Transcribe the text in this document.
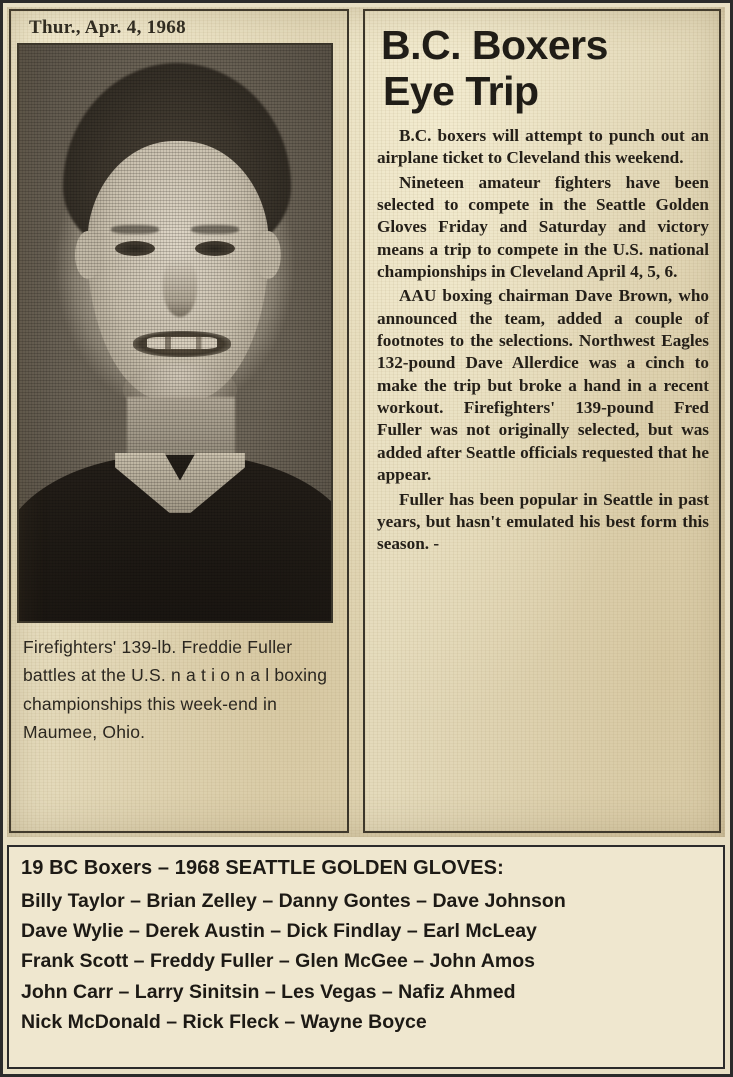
Thur., Apr. 4, 1968

Firefighters' 139-lb. Freddie Fuller battles at the U.S. n a t i o n a l boxing championships this week-end in Maumee, Ohio.

B.C. Boxers
Eye Trip

B.C. boxers will attempt to punch out an airplane ticket to Cleveland this weekend.

Nineteen amateur fighters have been selected to compete in the Seattle Golden Gloves Friday and Saturday and victory means a trip to compete in the U.S. national championships in Cleveland April 4, 5, 6.

AAU boxing chairman Dave Brown, who announced the team, added a couple of footnotes to the selections. Northwest Eagles 132-pound Dave Allerdice was a cinch to make the trip but broke a hand in a recent workout. Firefighters' 139-pound Fred Fuller was not originally selected, but was added after Seattle officials requested that he appear.

Fuller has been popular in Seattle in past years, but hasn't emulated his best form this season. -

19 BC Boxers – 1968 SEATTLE GOLDEN GLOVES:
Billy Taylor – Brian Zelley – Danny Gontes – Dave Johnson
Dave Wylie – Derek Austin – Dick Findlay – Earl McLeay
Frank Scott – Freddy Fuller – Glen McGee – John Amos
John Carr – Larry Sinitsin – Les Vegas – Nafiz Ahmed
Nick McDonald – Rick Fleck – Wayne Boyce
